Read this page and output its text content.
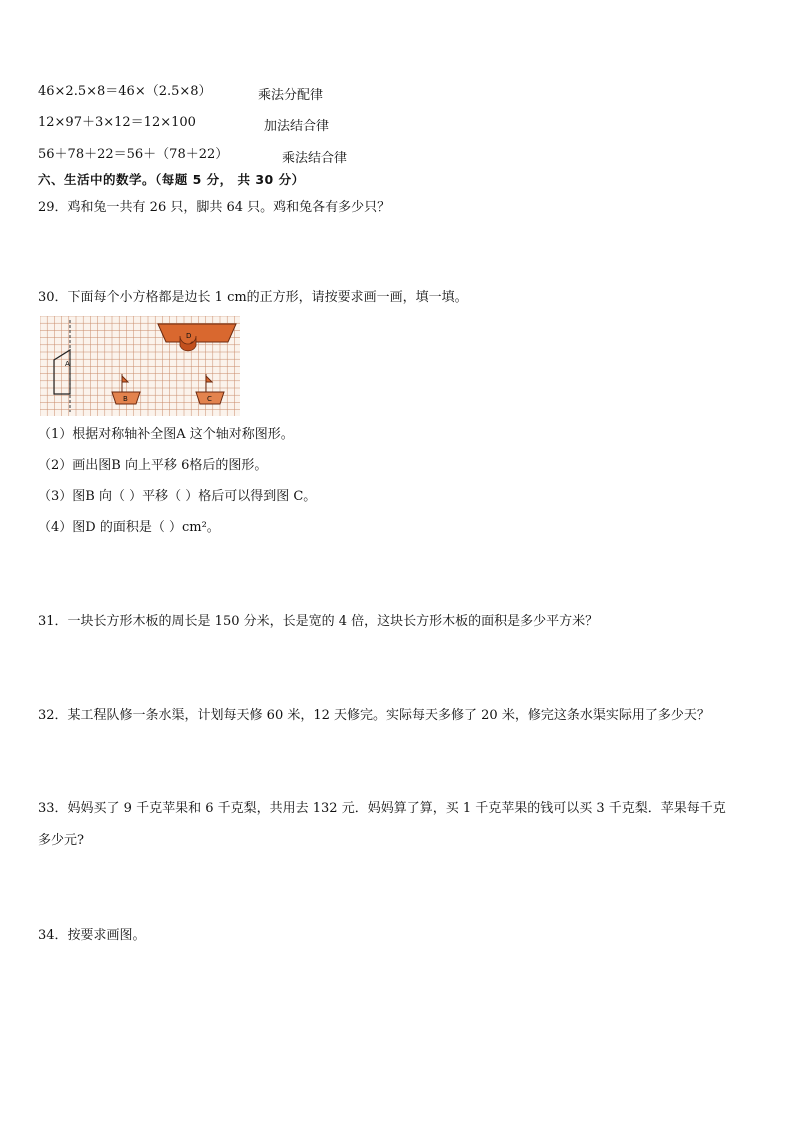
46×2.5×8＝46×（2.5×8）	乘法分配律
12×97＋3×12＝12×100	加法结合律
56＋78＋22＝56＋（78＋22）	乘法结合律
六、生活中的数学。（每题 5 分， 共 30 分）
29．鸡和兔一共有 26 只，脚共 64 只。鸡和兔各有多少只？
30．下面每个小方格都是边长 1 cm的正方形，请按要求画一画，填一填。
A
D
B	C
（1）根据对称轴补全图A 这个轴对称图形。
（2）画出图B 向上平移 6格后的图形。
（3）图B 向（ ）平移（ ）格后可以得到图 C。
（4）图D 的面积是（ ）cm²。
31．一块长方形木板的周长是 150 分米，长是宽的 4 倍，这块长方形木板的面积是多少平方米？
32．某工程队修一条水渠，计划每天修 60 米，12 天修完。实际每天多修了 20 米，修完这条水渠实际用了多少天？
33．妈妈买了 9 千克苹果和 6 千克梨，共用去 132 元．妈妈算了算，买 1 千克苹果的钱可以买 3 千克梨．苹果每千克
多少元?
34．按要求画图。
